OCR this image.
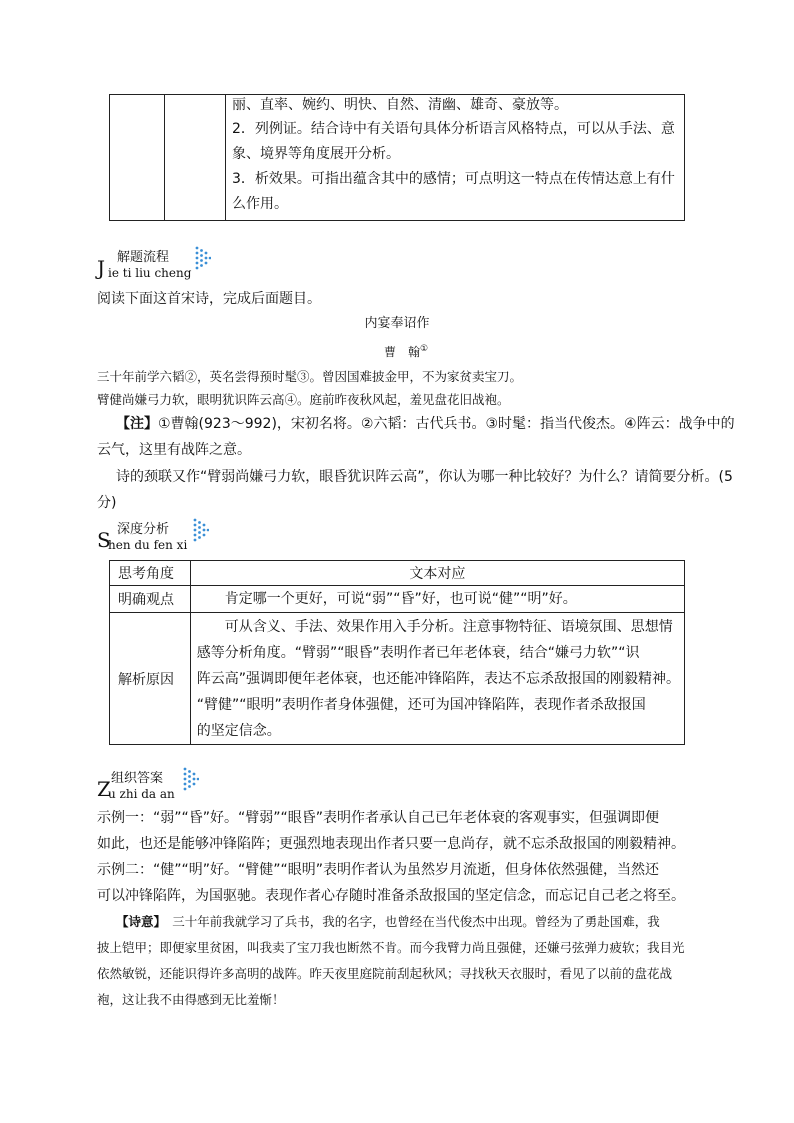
丽、直率、婉约、明快、自然、清幽、雄奇、豪放等。
2．列例证。结合诗中有关语句具体分析语言风格特点，可以从手法、意
象、境界等角度展开分析。
3．析效果。可指出蕴含其中的感情；可点明这一特点在传情达意上有什
么作用。
J 解题流程
ie ti liu cheng
阅读下面这首宋诗，完成后面题目。
内宴奉诏作
曹　翰①
三十年前学六韬②，英名尝得预时髦③。曾因国难披金甲，不为家贫卖宝刀。
臂健尚嫌弓力软，眼明犹识阵云高④。庭前昨夜秋风起，羞见盘花旧战袍。
【注】①曹翰(923～992)，宋初名将。②六韬：古代兵书。③时髦：指当代俊杰。④阵云：战争中的
云气，这里有战阵之意。
诗的颈联又作“臂弱尚嫌弓力软，眼昏犹识阵云高”，你认为哪一种比较好？为什么？请简要分析。(5
分)
S 深度分析
hen du fen xi
思考角度	文本对应
明确观点	肯定哪一个更好，可说“弱”“昏”好，也可说“健”“明”好。
解析原因	可从含义、手法、效果作用入手分析。注意事物特征、语境氛围、思想情
感等分析角度。“臂弱”“眼昏”表明作者已年老体衰，结合“嫌弓力软”“识
阵云高”强调即便年老体衰，也还能冲锋陷阵，表达不忘杀敌报国的刚毅精神。
“臂健”“眼明”表明作者身体强健，还可为国冲锋陷阵，表现作者杀敌报国
的坚定信念。
Z 组织答案
u zhi da an
示例一：“弱”“昏”好。“臂弱”“眼昏”表明作者承认自己已年老体衰的客观事实，但强调即便
如此，也还是能够冲锋陷阵；更强烈地表现出作者只要一息尚存，就不忘杀敌报国的刚毅精神。
示例二：“健”“明”好。“臂健”“眼明”表明作者认为虽然岁月流逝，但身体依然强健，当然还
可以冲锋陷阵，为国驱驰。表现作者心存随时准备杀敌报国的坚定信念，而忘记自己老之将至。
【诗意】　 三十年前我就学习了兵书，我的名字，也曾经在当代俊杰中出现。曾经为了勇赴国难，我
披上铠甲；即便家里贫困，叫我卖了宝刀我也断然不肯。而今我臂力尚且强健，还嫌弓弦弹力疲软；我目光
依然敏锐，还能识得许多高明的战阵。昨天夜里庭院前刮起秋风；寻找秋天衣服时，看见了以前的盘花战
袍，这让我不由得感到无比羞惭！
